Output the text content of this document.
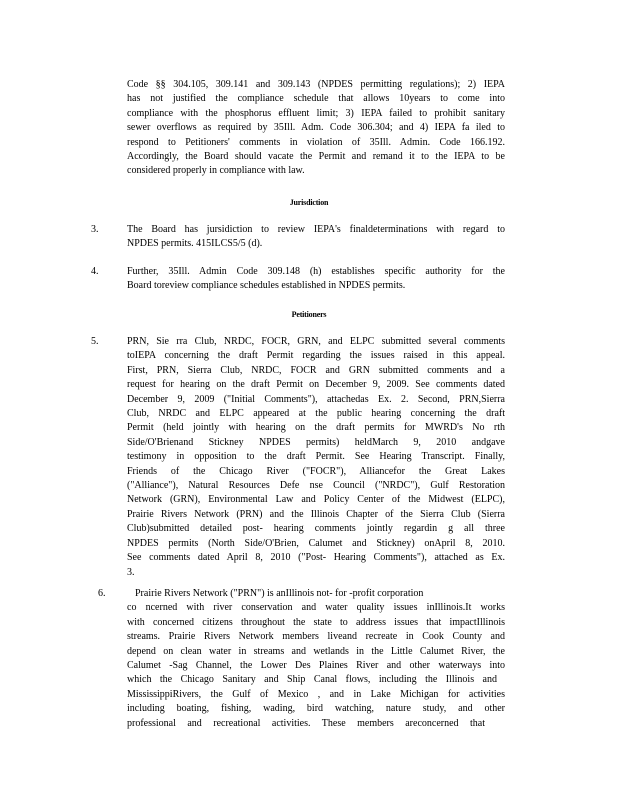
Code §§ 304.105, 309.141 and 309.143 (NPDES permitting regulations); 2) IEPA
has not justified the compliance schedule that allows 10years to come into
compliance with the phosphorus effluent limit; 3) IEPA failed to prohibit sanitary
sewer overflows as required by 35Ill. Adm. Code 306.304; and 4) IEPA fa iled to
respond to Petitioners' comments in violation of 35Ill. Admin. Code 166.192.
Accordingly, the Board should vacate the Permit and remand it to the IEPA to be
considered properly in compliance with law.
Jurisdiction
3.	The Board has jursidiction to review IEPA's finaldeterminations with regard to
NPDES permits. 415ILCS5/5 (d).
4.	Further, 35Ill. Admin Code 309.148 (h) establishes specific authority for the
Board toreview compliance schedules established in NPDES permits.
Petitioners
5.	PRN, Sie rra Club, NRDC, FOCR, GRN, and ELPC submitted several comments
toIEPA concerning the draft Permit regarding the issues raised in this appeal.
First, PRN, Sierra Club, NRDC, FOCR and GRN submitted comments and a
request for hearing on the draft Permit on December 9, 2009. See comments dated
December 9, 2009 ("Initial Comments"), attachedas Ex. 2. Second, PRN,Sierra
Club, NRDC and ELPC appeared at the public hearing concerning the draft
Permit (held jointly with hearing on the draft permits for MWRD's No rth
Side/O'Brienand Stickney NPDES permits) heldMarch 9, 2010 andgave
testimony in opposition to the draft Permit. See Hearing Transcript. Finally,
Friends of the Chicago River ("FOCR"), Alliancefor the Great Lakes
("Alliance"), Natural Resources Defe nse Council ("NRDC"), Gulf Restoration
Network (GRN), Environmental Law and Policy Center of the Midwest (ELPC),
Prairie Rivers Network (PRN) and the Illinois Chapter of the Sierra Club (Sierra
Club)submitted detailed post- hearing comments jointly regardin g all three
NPDES permits (North Side/O'Brien, Calumet and Stickney) onApril 8, 2010.
See comments dated April 8, 2010 ("Post- Hearing Comments"), attached as Ex.
3.
6.	Prairie Rivers Network ("PRN") is anIllinois not- for -profit corporation
co ncerned with river conservation and water quality issues inIllinois.It works
with concerned citizens throughout the state to address issues that impactIllinois
streams. Prairie Rivers Network members liveand recreate in Cook County and
depend on clean water in streams and wetlands in the Little Calumet River, the
Calumet -Sag Channel, the Lower Des Plaines River and other waterways into
which the Chicago Sanitary and Ship Canal flows, including the Illinois and
MississippiRivers, the Gulf of Mexico , and in Lake Michigan for activities
including boating, fishing, wading, bird watching, nature study, and other
professional and recreational activities. These members areconcerned that
